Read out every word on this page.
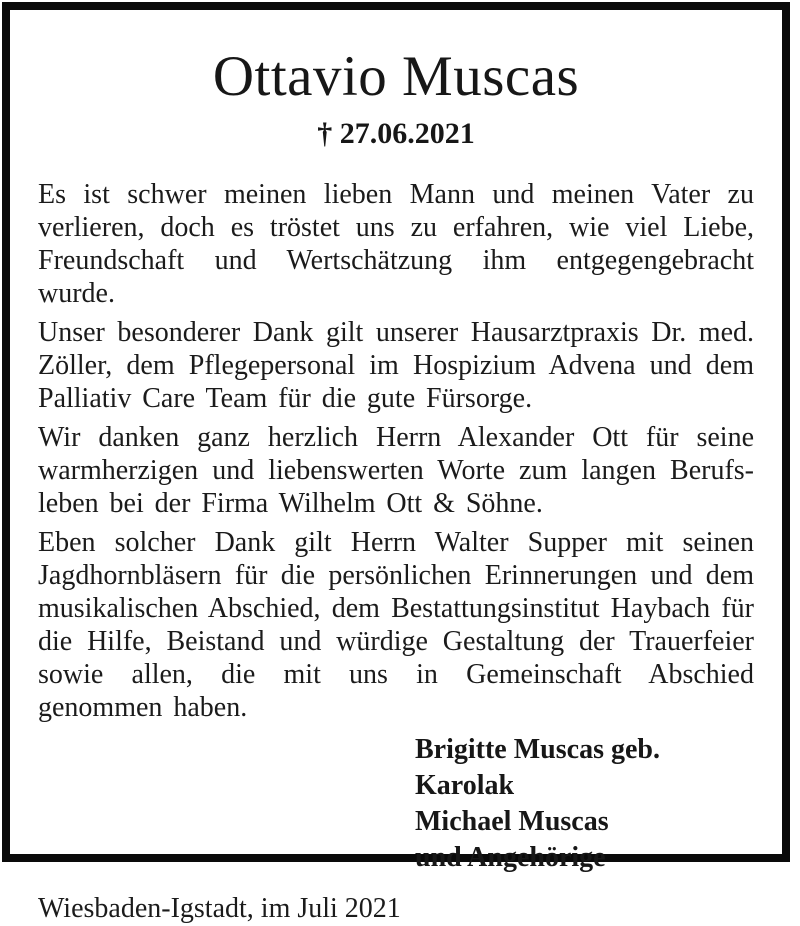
Ottavio Muscas
† 27.06.2021

Es ist schwer meinen lieben Mann und meinen Vater zu verlieren, doch es tröstet uns zu erfahren, wie viel Liebe, Freundschaft und Wertschätzung ihm entgegengebracht wurde.

Unser besonderer Dank gilt unserer Hausarztpraxis Dr. med. Zöller, dem Pflegepersonal im Hospizium Advena und dem Palliativ Care Team für die gute Fürsorge.

Wir danken ganz herzlich Herrn Alexander Ott für seine warmherzigen und liebenswerten Worte zum langen Berufsleben bei der Firma Wilhelm Ott & Söhne.

Eben solcher Dank gilt Herrn Walter Supper mit seinen Jagdhornbläsern für die persönlichen Erinnerungen und dem musikalischen Abschied, dem Bestattungsinstitut Haybach für die Hilfe, Beistand und würdige Gestaltung der Trauerfeier sowie allen, die mit uns in Gemeinschaft Abschied genommen haben.

Brigitte Muscas geb. Karolak
Michael Muscas
und Angehörige
Wiesbaden-Igstadt, im Juli 2021
